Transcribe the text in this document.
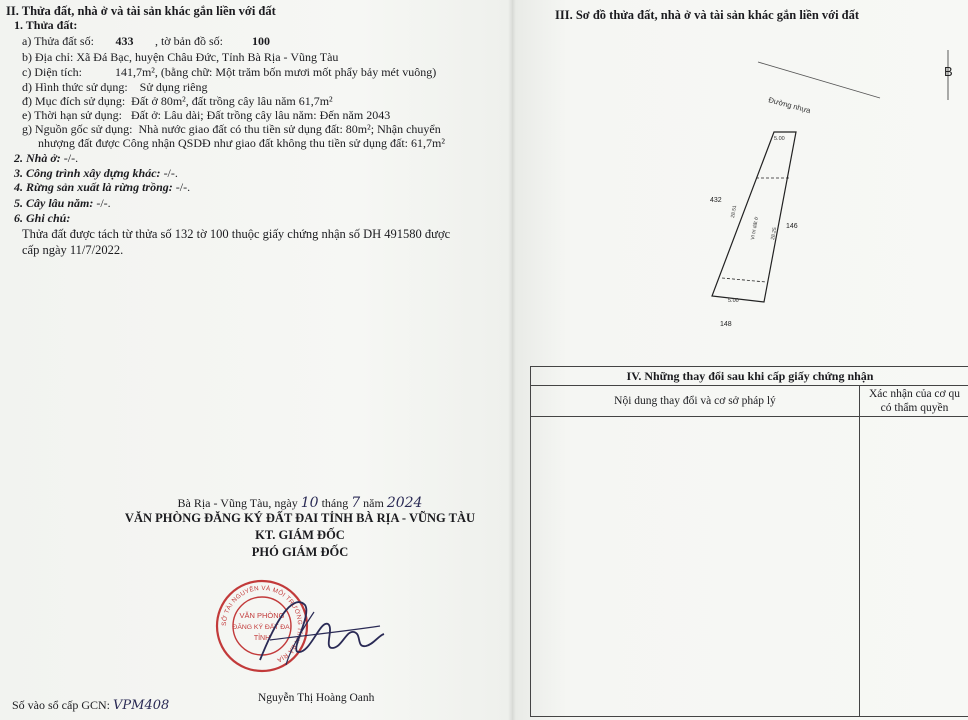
II. Thửa đất, nhà ở và tài sản khác gắn liền với đất
1. Thửa đất:
a) Thửa đất số: 433 , tờ bản đồ số: 100
b) Địa chỉ: Xã Đá Bạc, huyện Châu Đức, Tỉnh Bà Rịa - Vũng Tàu
c) Diện tích:           141,7m², (bằng chữ: Một trăm bốn mươi mốt phẩy bảy mét vuông)
d) Hình thức sử dụng:    Sử dụng riêng
đ) Mục đích sử dụng:  Đất ở 80m², đất trồng cây lâu năm 61,7m²
e) Thời hạn sử dụng:   Đất ở: Lâu dài; Đất trồng cây lâu năm: Đến năm 2043
g) Nguồn gốc sử dụng:  Nhà nước giao đất có thu tiền sử dụng đất: 80m²; Nhận chuyển
nhượng đất được Công nhận QSDĐ như giao đất không thu tiền sử dụng đất: 61,7m²
2. Nhà ở: -/-.
3. Công trình xây dựng khác: -/-.
4. Rừng sản xuất là rừng trồng: -/-.
5. Cây lâu năm: -/-.
6. Ghi chú:
Thửa đất được tách từ thửa số 132 tờ 100 thuộc giấy chứng nhận số DH 491580 được
cấp ngày 11/7/2022.
Bà Rịa - Vũng Tàu, ngày 10 tháng 7 năm 2024
VĂN PHÒNG ĐĂNG KÝ ĐẤT ĐAI TỈNH BÀ RỊA - VŨNG TÀU
KT. GIÁM ĐỐC
PHÓ GIÁM ĐỐC
SỞ TÀI NGUYÊN VÀ MÔI TRƯỜNG TỈNH BÀ RỊA
VĂN PHÒNG
ĐĂNG KÝ ĐẤT ĐAI
TỈNH
Nguyễn Thị Hoàng Oanh
Số vào sổ cấp GCN: VPM408
III. Sơ đồ thửa đất, nhà ở và tài sản khác gắn liền với đất
B
Đường nhựa
5.00
5.00
28.51
28.25
VI tri dất ở
432
146
148
IV. Những thay đổi sau khi cấp giấy chứng nhận	
Nội dung thay đổi và cơ sở pháp lý	Xác nhận của cơ qu
có thẩm quyền
